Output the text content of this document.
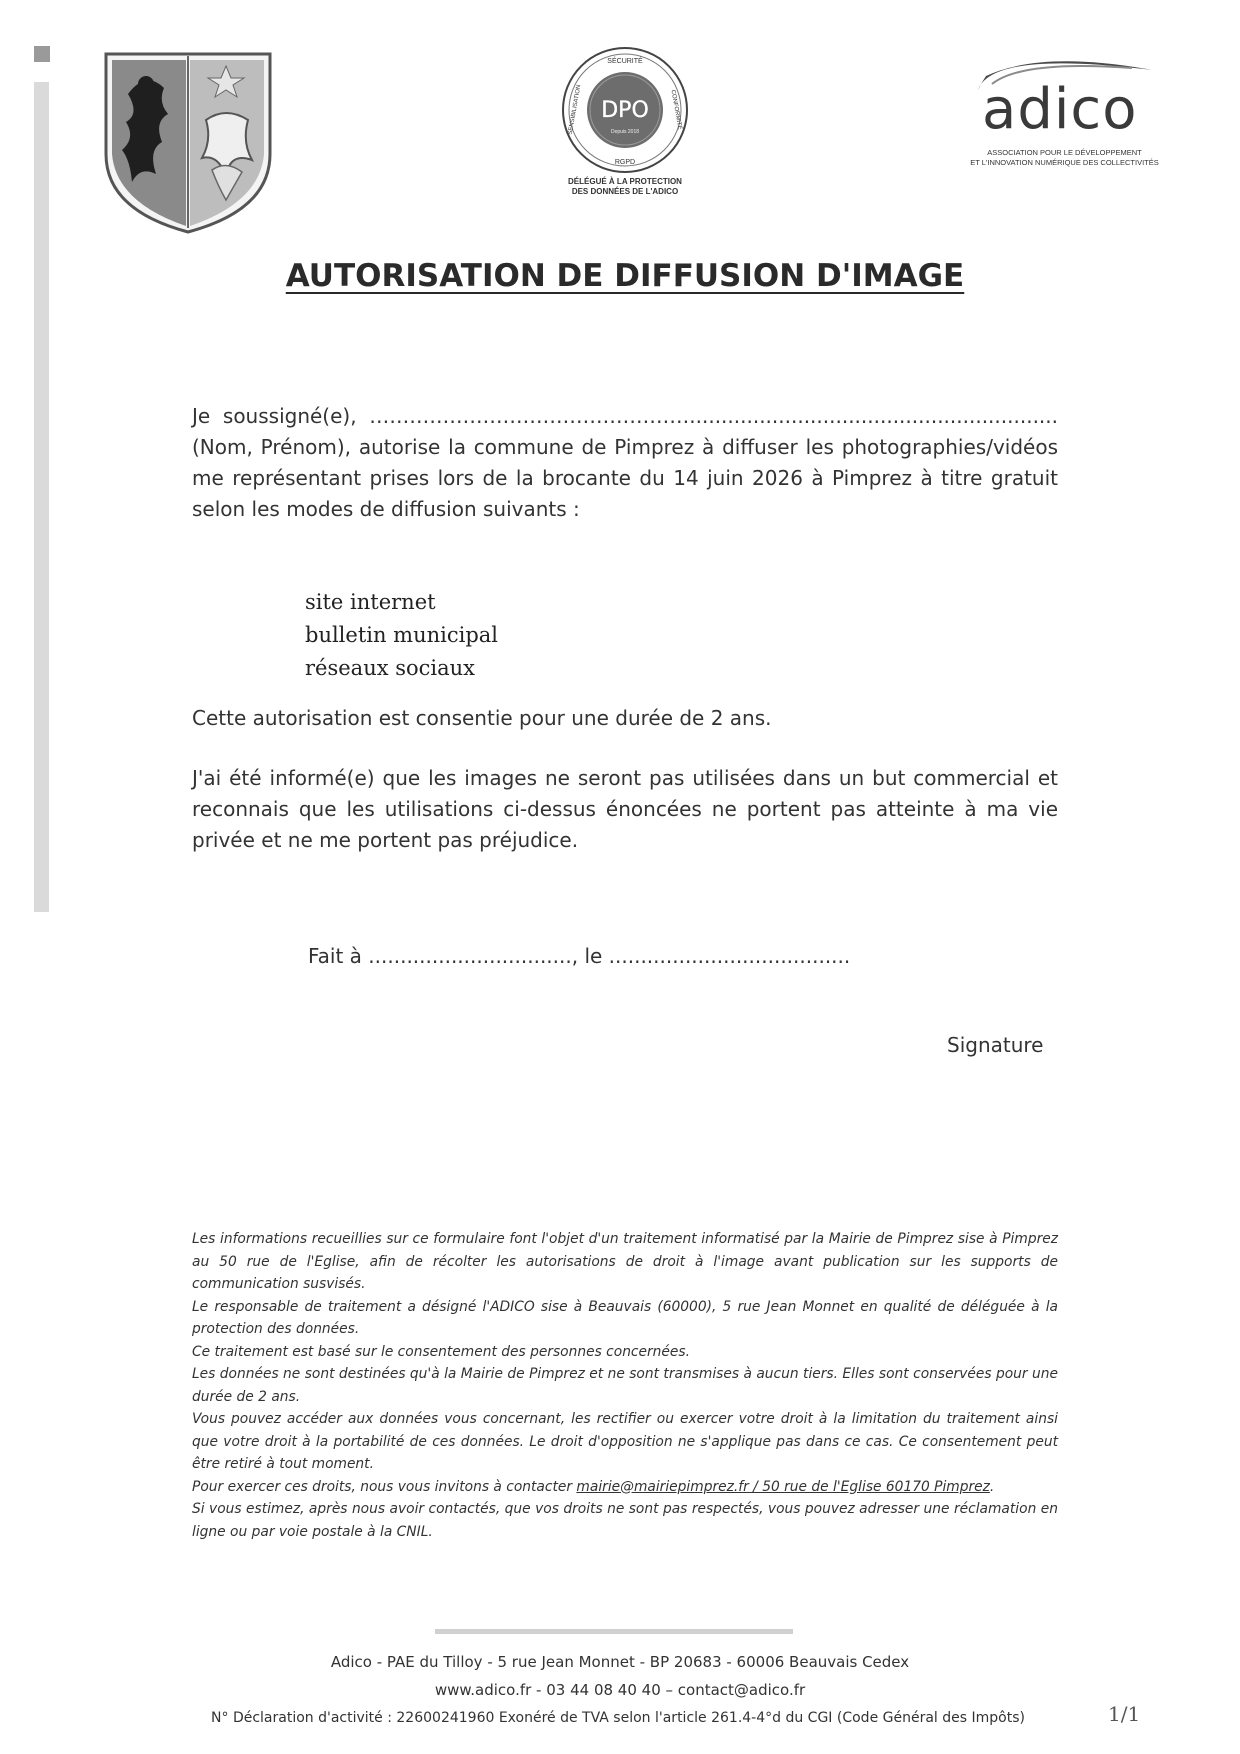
SÉCURITÉ
SENSIBILISATION	CONFORMITÉ
RGPD
DPO
Depuis 2018
DÉLÉGUÉ À LA PROTECTION
DES DONNÉES DE L'ADICO
adico
ASSOCIATION POUR LE DÉVELOPPEMENT
ET L'INNOVATION NUMÉRIQUE DES COLLECTIVITÉS
AUTORISATION DE DIFFUSION D'IMAGE
Je soussigné(e), …………………………………………..........................................................(Nom, Prénom), autorise la commune de Pimprez à diffuser les photographies/vidéos me représentant prises lors de la brocante du 14 juin 2026 à Pimprez à titre gratuit selon les modes de diffusion suivants :
site internet
bulletin municipal
réseaux sociaux
Cette autorisation est consentie pour une durée de 2 ans.
J'ai été informé(e) que les images ne seront pas utilisées dans un but commercial et reconnais que les utilisations ci-dessus énoncées ne portent pas atteinte à ma vie privée et ne me portent pas préjudice.
Fait à ................................, le ......................................
Signature

Les informations recueillies sur ce formulaire font l'objet d'un traitement informatisé par la Mairie de Pimprez sise à Pimprez au 50 rue de l'Eglise, afin de récolter les autorisations de droit à l'image avant publication sur les supports de communication susvisés.

Le responsable de traitement a désigné l'ADICO sise à Beauvais (60000), 5 rue Jean Monnet en qualité de déléguée à la protection des données.

Ce traitement est basé sur le consentement des personnes concernées.

Les données ne sont destinées qu'à la Mairie de Pimprez et ne sont transmises à aucun tiers. Elles sont conservées pour une durée de 2 ans.

Vous pouvez accéder aux données vous concernant, les rectifier ou exercer votre droit à la limitation du traitement ainsi que votre droit à la portabilité de ces données. Le droit d'opposition ne s'applique pas dans ce cas. Ce consentement peut être retiré à tout moment.

Pour exercer ces droits, nous vous invitons à contacter mairie@mairiepimprez.fr / 50 rue de l'Eglise 60170 Pimprez.

Si vous estimez, après nous avoir contactés, que vos droits ne sont pas respectés, vous pouvez adresser une réclamation en ligne ou par voie postale à la CNIL.

Adico - PAE du Tilloy - 5 rue Jean Monnet - BP 20683 - 60006 Beauvais Cedex
www.adico.fr - 03 44 08 40 40 – contact@adico.fr
N° Déclaration d'activité : 22600241960 Exonéré de TVA selon l'article 261.4-4°d du CGI (Code Général des Impôts)	1/1
